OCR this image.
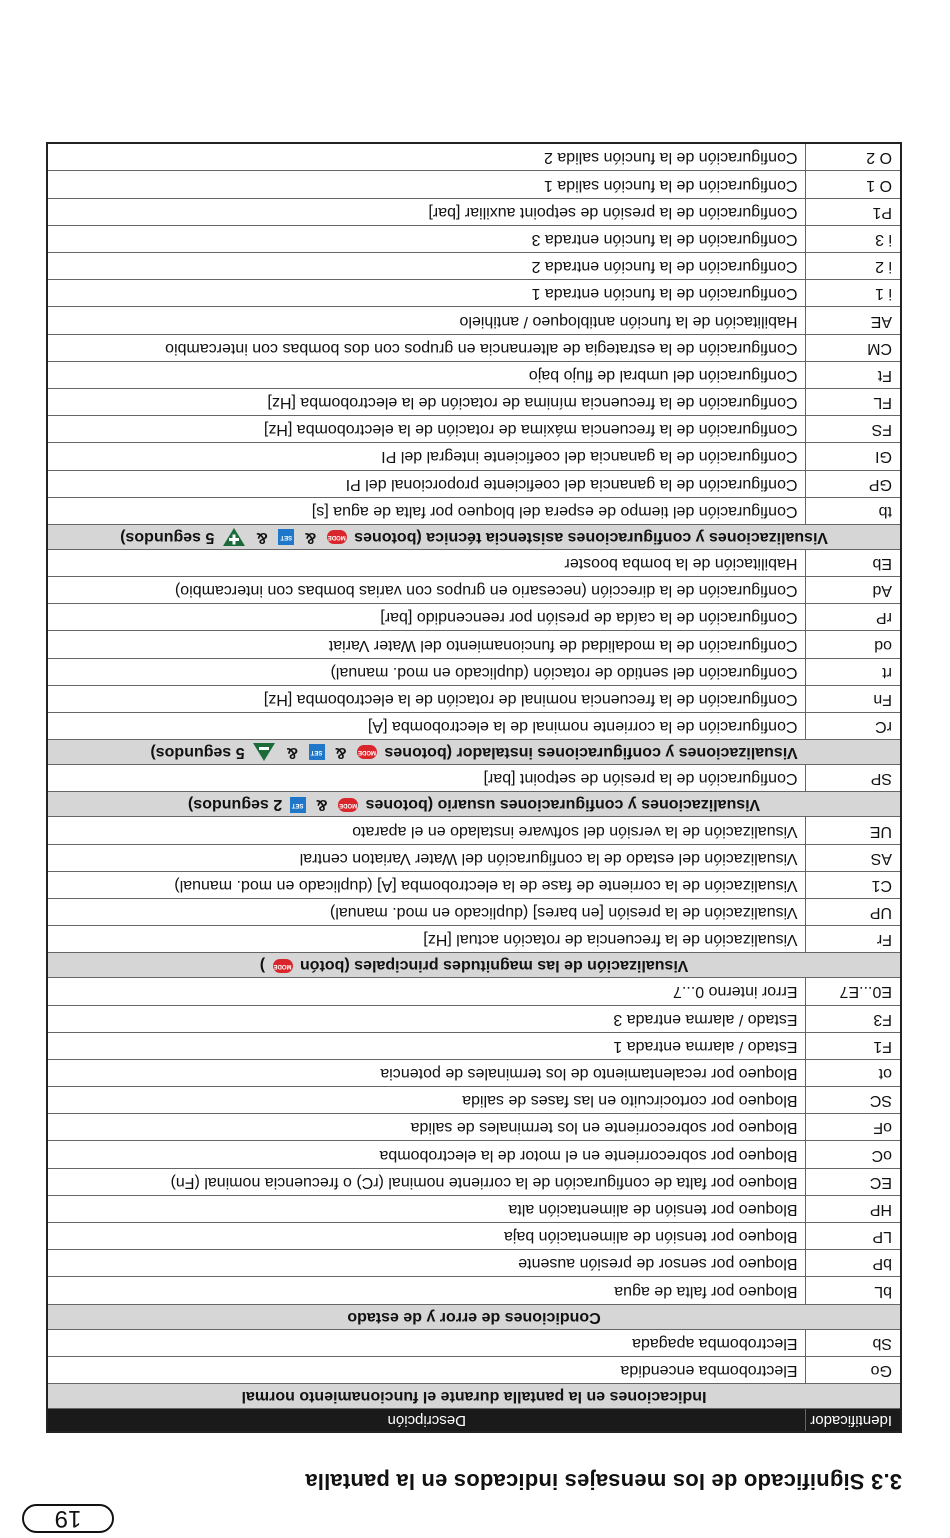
19
3.3 Significado de los mensajes indicados en la pantalla
Identificador	Descripción
Indicaciones en la pantalla durante el funcionamiento normal	
Go	Electrobomba encendida
Sb	Electrobomba apagada
Condiciones de error y de estado	
bL	Bloqueo por falta de agua
bP	Bloqueo por sensor de presión ausente
LP	Bloqueo por tensión de alimentación baja
HP	Bloqueo por tensión de alimentación alta
EC	Bloqueo por falta de configuración de la corriente nominal (rC) o frecuencia nominal (Fn)
oC	Bloqueo por sobrecorriente en el motor de la electrobomba
oF	Bloqueo por sobrecorriente en los terminales de salida
SC	Bloqueo por cortocircuito en las fases de salida
ot	Bloqueo por recalentamiento de los terminales de potencia
F1	Estado / alarma entrada 1
F3	Estado / alarma entrada 3
E0...E7	Error interno 0...7
Visualización de las magnitudes principales (botón MODE )	
Fr	Visualización de la frecuencia de rotación actual [Hz]
UP	Visualización de la presión [en bares] (duplicado en mod. manual)
C1	Visualización de la corriente de fase de la electrobomba [A] (duplicado en mod. manual)
AS	Visualización del estado de la configuración del Water Variaton central
UE	Visualización de la versión del software instalado en el aparato
Visualizaciones y configuraciones usuario (botones MODE & SET 2 segundos)	
SP	Configuración de la presión de setpoint [bar]
Visualizaciones y configuraciones instalador (botones MODE & SET &  5 segundos)	
rC	Configuración de la corriente nominal de la electrobomba [A]
Fn	Configuración de la frecuencia nominal de rotación de la electrobomba [Hz]
rt	Configuración del sentido de rotación (duplicado en mod. manual)
od	Configuración de la modalidad de funcionamiento del Water Variat
rP	Configuración de la caída de presión por reencendido [bar]
Ad	Configuración de la dirección (necesario en grupos con varias bombas con intercambio)
Eb	Habilitación de la bomba booster
Visualizaciones y configuraciones asistencia técnica (botones MODE & SET &  5 segundos)	
tb	Configuración del tiempo de espera del bloqueo por falta de agua [s]
GP	Configuración de la ganancia del coeficiente proporcional del PI
GI	Configuración de la ganancia del coeficiente integral del PI
FS	Configuración de la frecuencia máxima de rotación de la electrobomba [Hz]
FL	Configuración de la frecuencia mínima de rotación de la electrobomba [Hz]
Ft	Configuración del umbral de flujo bajo
CM	Configuración de la estrategia de alternancia en grupos con dos bombas con intercambio
AE	Habilitación de la función antibloqueo / antihielo
i 1	Configuración de la función entrada 1
i 2	Configuración de la función entrada 2
i 3	Configuración de la función entrada 3
P1	Configuración de la presión de setpoint auxiliar [bar]
O 1	Configuración de la función salida 1
O 2	Configuración de la función salida 2
